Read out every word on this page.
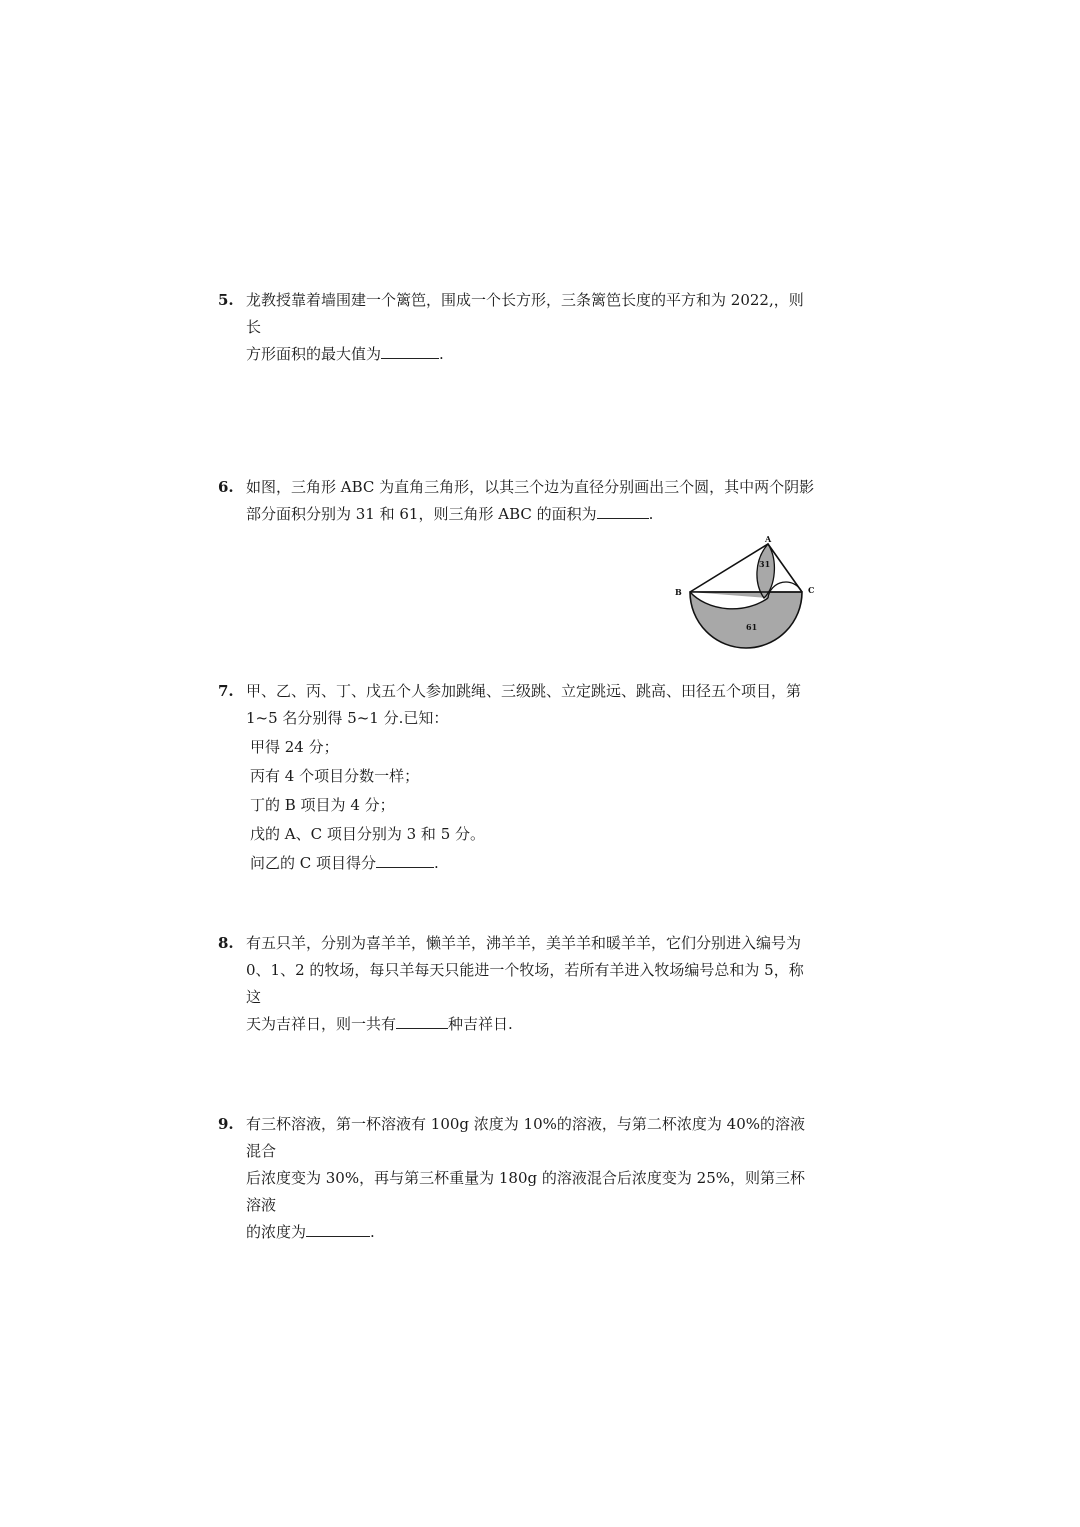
5. 龙教授靠着墙围建一个篱笆，围成一个长方形，三条篱笆长度的平方和为 2022,，则长

方形面积的最大值为	.

6. 如图，三角形 ABC 为直角三角形，以其三个边为直径分别画出三个圆，其中两个阴影

部分面积分别为 31 和 61，则三角形 ABC 的面积为	.

A
B	C
31
61
7. 甲、乙、丙、丁、戊五个人参加跳绳、三级跳、立定跳远、跳高、田径五个项目，第

1~5 名分别得 5~1 分.已知：

甲得 24 分；

丙有 4 个项目分数一样；

丁的 B 项目为 4 分；

戊的 A、C 项目分别为 3 和 5 分。

问乙的 C 项目得分	.

8. 有五只羊，分别为喜羊羊，懒羊羊，沸羊羊，美羊羊和暖羊羊，它们分别进入编号为

0、1、2 的牧场，每只羊每天只能进一个牧场，若所有羊进入牧场编号总和为 5，称这

天为吉祥日，则一共有	种吉祥日.

9. 有三杯溶液，第一杯溶液有 100g 浓度为 10%的溶液，与第二杯浓度为 40%的溶液混合

后浓度变为 30%，再与第三杯重量为 180g 的溶液混合后浓度变为 25%，则第三杯溶液

的浓度为	.
